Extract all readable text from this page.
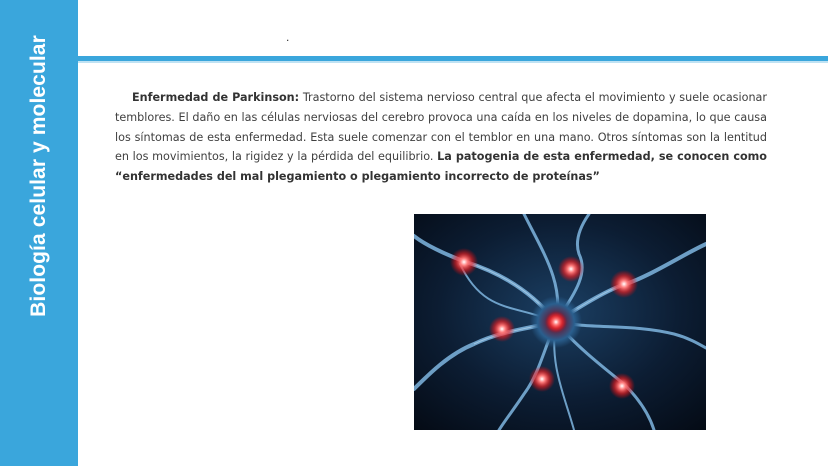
Biología celular y molecular	.

Enfermedad de Parkinson: Trastorno del sistema nervioso central que afecta el movimiento y suele ocasionar temblores. El daño en las células nerviosas del cerebro provoca una caída en los niveles de dopamina, lo que causa los síntomas de esta enfermedad. Esta suele comenzar con el temblor en una mano. Otros síntomas son la lentitud en los movimientos, la rigidez y la pérdida del equilibrio. La patogenia de esta enfermedad, se conocen como “enfermedades del mal plegamiento o plegamiento incorrecto de proteínas”
